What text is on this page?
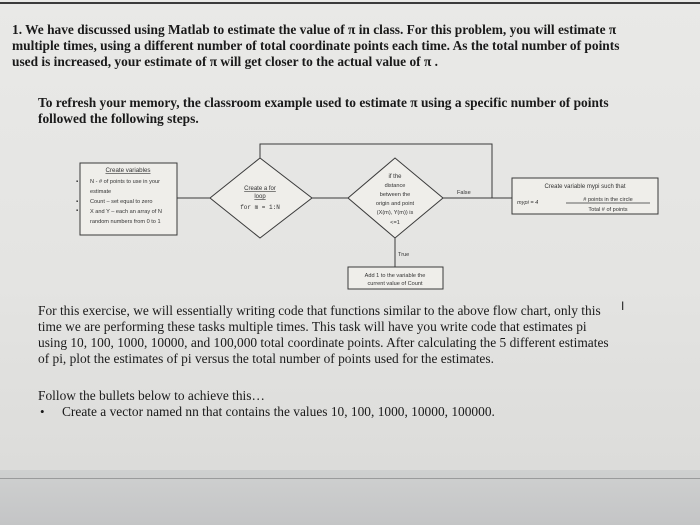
1. We have discussed using Matlab to estimate the value of π in class. For this problem, you will estimate π
multiple times, using a different number of total coordinate points each time. As the total number of points
used is increased, your estimate of π will get closer to the actual value of π .
To refresh your memory, the classroom example used to estimate π using a specific number of points
followed the following steps.
Create variables
▪ N - # of points to use in your
estimate
▪ Count – set equal to zero
▪ X and Y – each an array of N
random numbers from 0 to 1
Create a for
loop
for m = 1:N
if the
distance
between the
origin and point
(X(m), Y(m)) is
<=1
False
Create variable mypi such that
mypi = 4	# points in the circle
Total # of points
True
Add 1 to the variable the
current value of Count
I
For this exercise, we will essentially writing code that functions similar to the above flow chart, only this
time we are performing these tasks multiple times. This task will have you write code that estimates pi
using 10, 100, 1000, 10000, and 100,000 total coordinate points. After calculating the 5 different estimates
of pi, plot the estimates of pi versus the total number of points used for the estimates.
Follow the bullets below to achieve this…
• Create a vector named nn that contains the values 10, 100, 1000, 10000, 100000.
